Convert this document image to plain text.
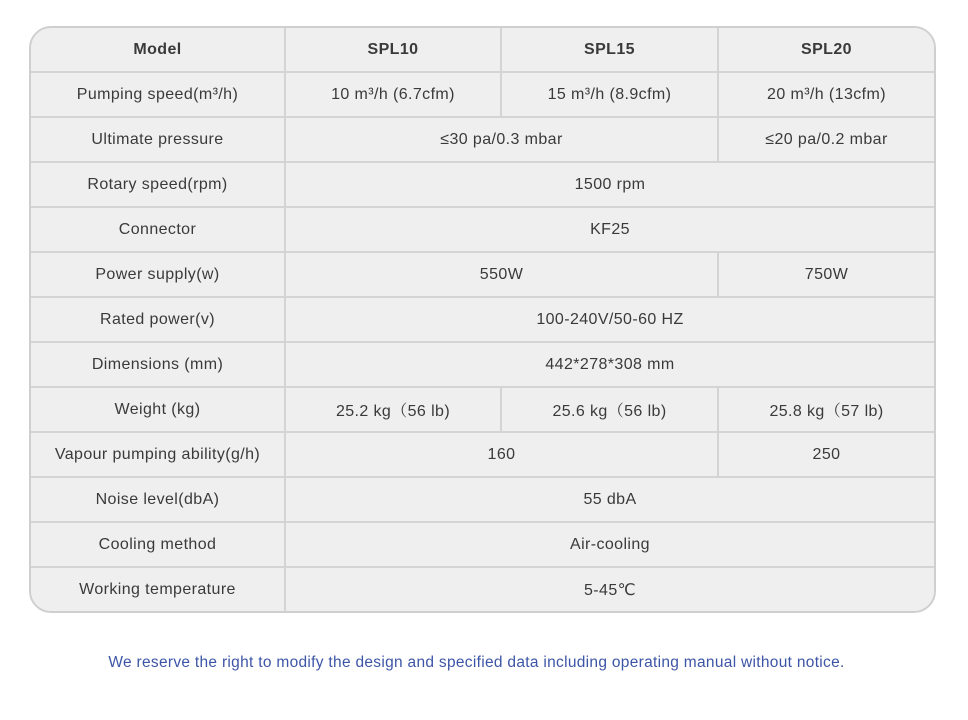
Model	SPL10	SPL15	SPL20
Pumping speed(m³/h)	10 m³/h (6.7cfm)	15 m³/h (8.9cfm)	20 m³/h (13cfm)
Ultimate pressure	≤30 pa/0.3 mbar		≤20 pa/0.2 mbar
Rotary speed(rpm)	1500 rpm		
Connector	KF25		
Power supply(w)	550W		750W
Rated power(v)	100-240V/50-60 HZ		
Dimensions (mm)	442*278*308 mm		
Weight (kg)	25.2 kg（56 lb)	25.6 kg（56 lb)	25.8 kg（57 lb)
Vapour pumping ability(g/h)	160		250
Noise level(dbA)	55 dbA		
Cooling method	Air-cooling		
Working temperature	5-45℃		
We reserve the right to modify the design and specified data including operating manual without notice.
